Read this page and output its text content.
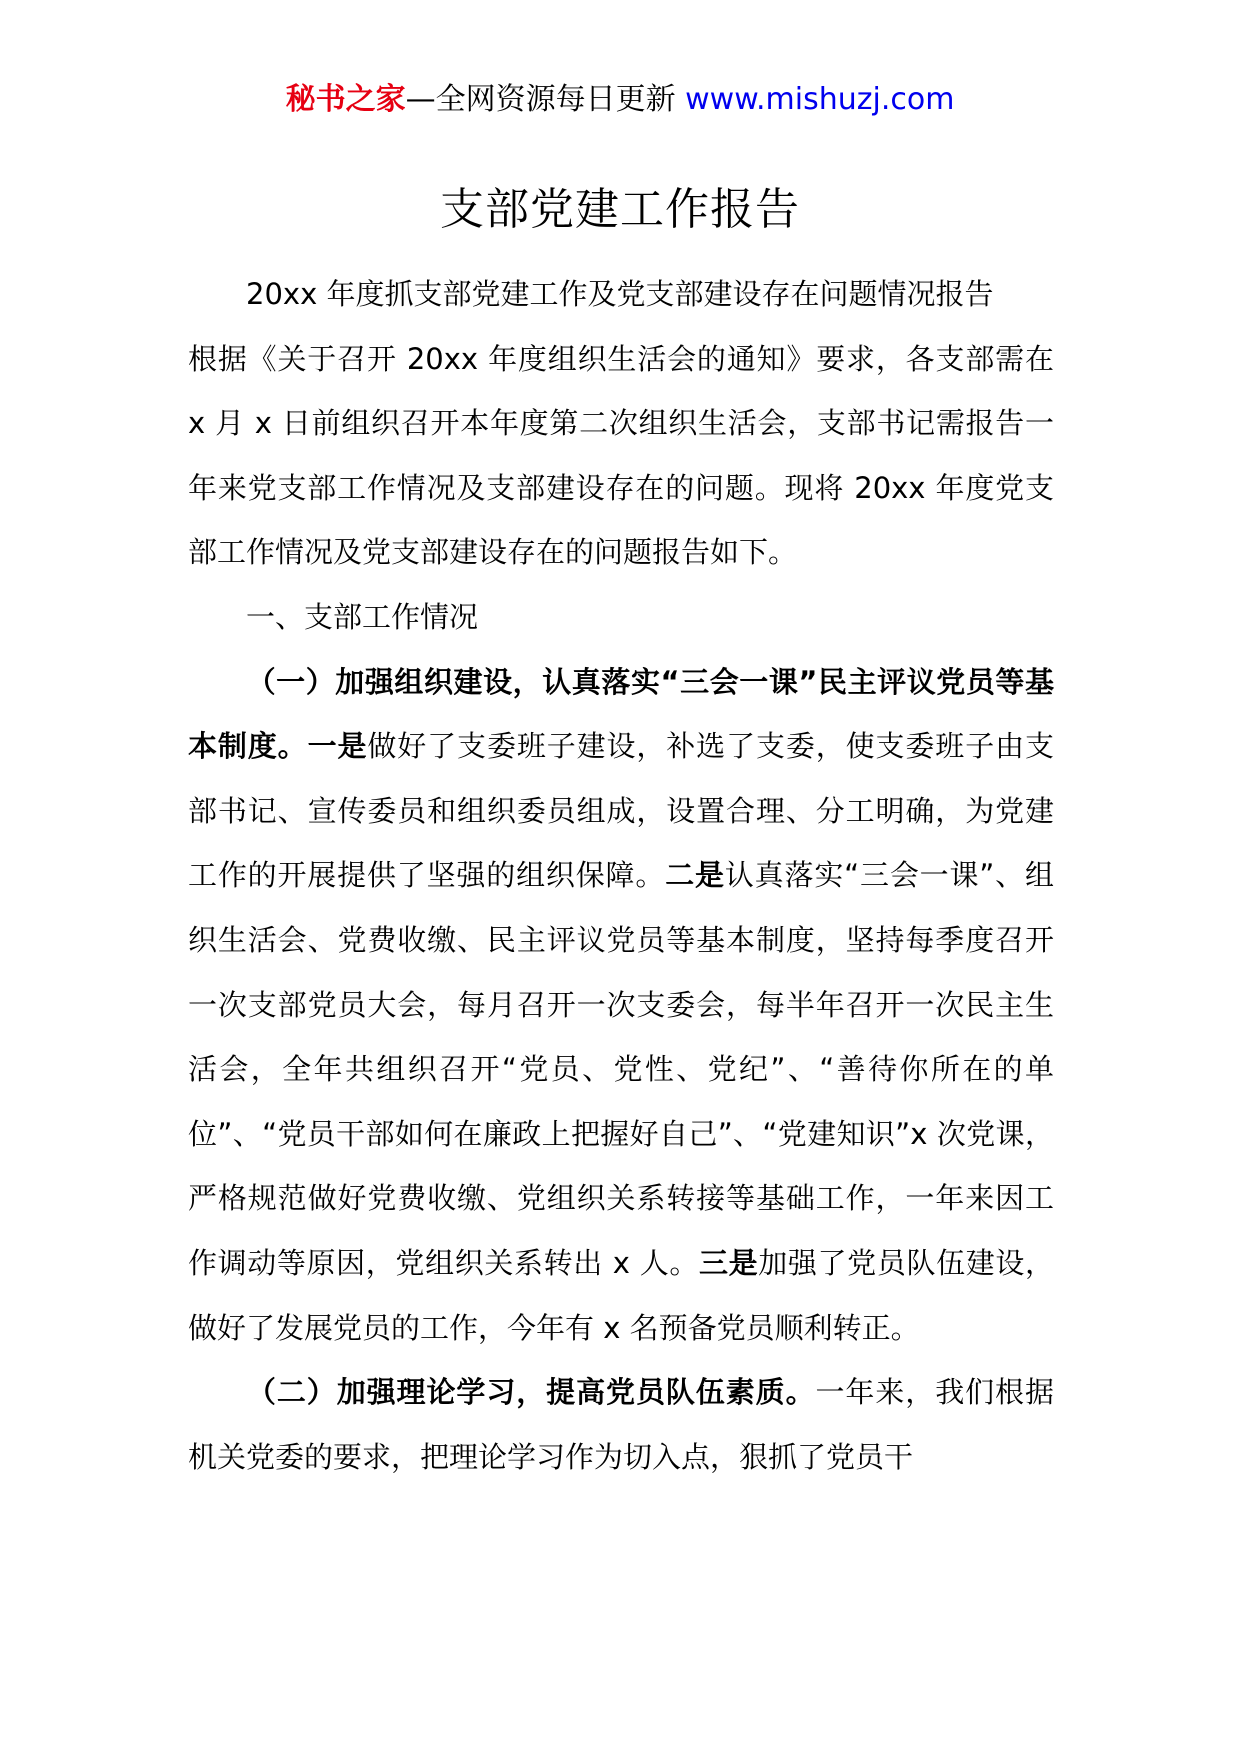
秘书之家—全网资源每日更新 www.mishuzj.com
支部党建工作报告

20xx 年度抓支部党建工作及党支部建设存在问题情况报告

根据《关于召开 20xx 年度组织生活会的通知》要求，各支部需在 x 月 x 日前组织召开本年度第二次组织生活会，支部书记需报告一年来党支部工作情况及支部建设存在的问题。现将 20xx 年度党支部工作情况及党支部建设存在的问题报告如下。

一、支部工作情况

（一）加强组织建设，认真落实“三会一课”民主评议党员等基本制度。一是做好了支委班子建设，补选了支委，使支委班子由支部书记、宣传委员和组织委员组成，设置合理、分工明确，为党建工作的开展提供了坚强的组织保障。二是认真落实“三会一课”、组织生活会、党费收缴、民主评议党员等基本制度，坚持每季度召开一次支部党员大会，每月召开一次支委会，每半年召开一次民主生活会，全年共组织召开“党员、党性、党纪”、“善待你所在的单位”、“党员干部如何在廉政上把握好自己”、“党建知识”x 次党课，严格规范做好党费收缴、党组织关系转接等基础工作，一年来因工作调动等原因，党组织关系转出 x 人。三是加强了党员队伍建设，做好了发展党员的工作，今年有 x 名预备党员顺利转正。

（二）加强理论学习，提高党员队伍素质。一年来，我们根据机关党委的要求，把理论学习作为切入点，狠抓了党员干
